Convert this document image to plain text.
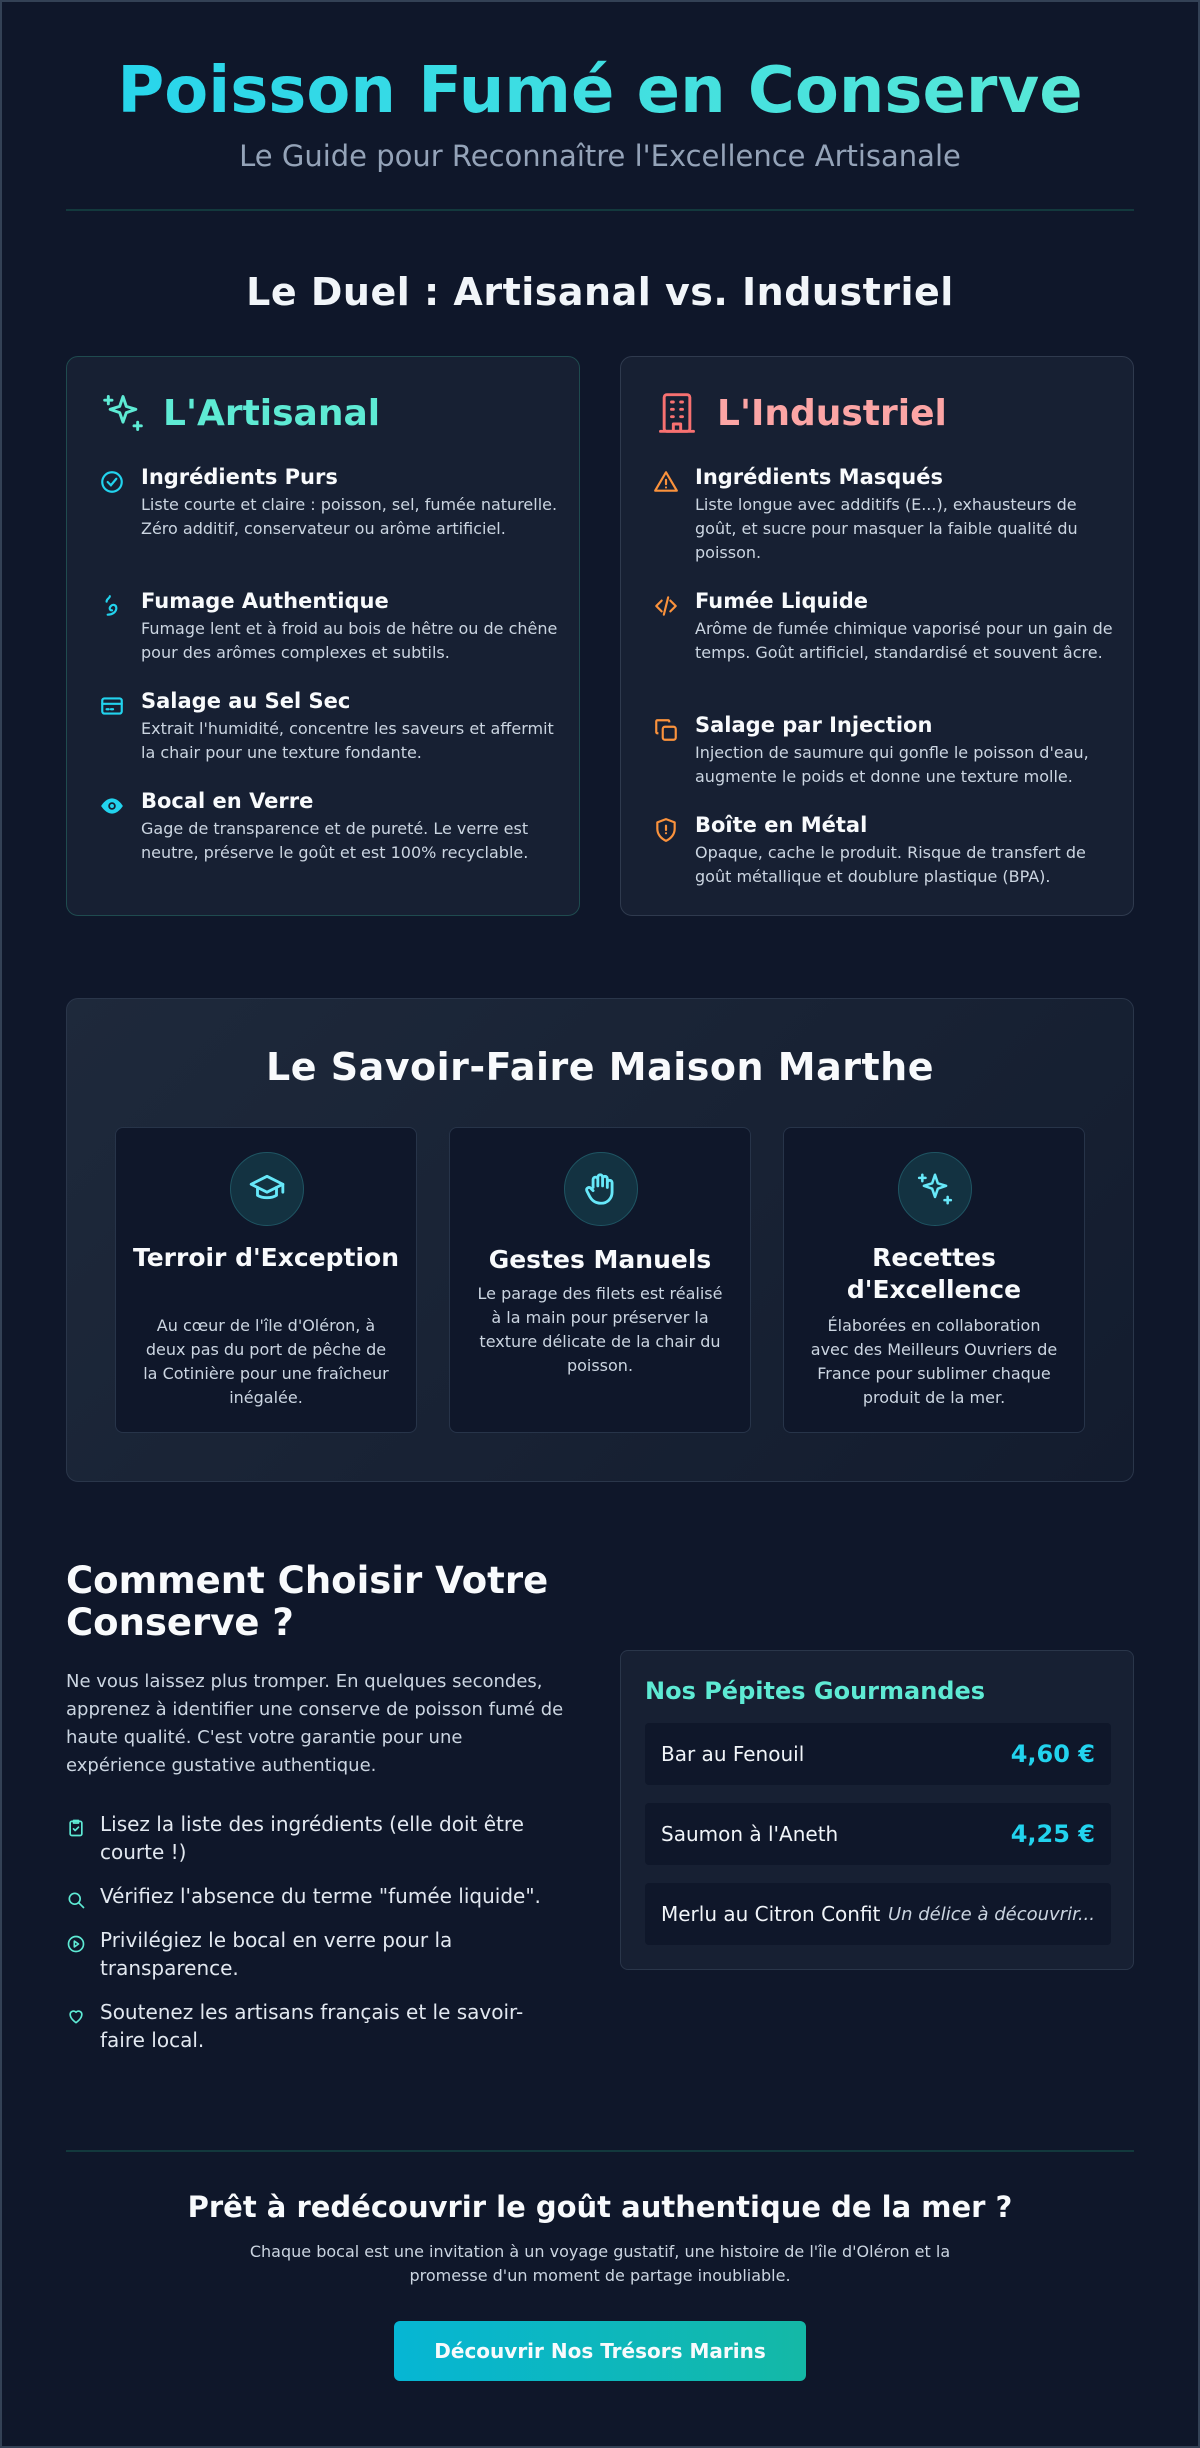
Poisson Fumé en Conserve
Le Guide pour Reconnaître l'Excellence Artisanale
Le Duel : Artisanal vs. Industriel
L'Artisanal
Ingrédients Purs

Liste courte et claire : poisson, sel, fumée naturelle. Zéro additif, conservateur ou arôme artificiel.

Fumage Authentique

Fumage lent et à froid au bois de hêtre ou de chêne pour des arômes complexes et subtils.

Salage au Sel Sec

Extrait l'humidité, concentre les saveurs et affermit la chair pour une texture fondante.

Bocal en Verre

Gage de transparence et de pureté. Le verre est neutre, préserve le goût et est 100% recyclable.

L'Industriel
Ingrédients Masqués

Liste longue avec additifs (E...), exhausteurs de goût, et sucre pour masquer la faible qualité du poisson.

Fumée Liquide

Arôme de fumée chimique vaporisé pour un gain de temps. Goût artificiel, standardisé et souvent âcre.

Salage par Injection

Injection de saumure qui gonfle le poisson d'eau, augmente le poids et donne une texture molle.

Boîte en Métal

Opaque, cache le produit. Risque de transfert de goût métallique et doublure plastique (BPA).

Le Savoir-Faire Maison Marthe
Terroir d'Exception

Au cœur de l'île d'Oléron, à deux pas du port de pêche de la Cotinière pour une fraîcheur inégalée.

Gestes Manuels

Le parage des filets est réalisé à la main pour préserver la texture délicate de la chair du poisson.

Recettes d'Excellence

Élaborées en collaboration avec des Meilleurs Ouvriers de France pour sublimer chaque produit de la mer.

Comment Choisir Votre Conserve ?
Ne vous laissez plus tromper. En quelques secondes, apprenez à identifier une conserve de poisson fumé de haute qualité. C'est votre garantie pour une expérience gustative authentique.
Lisez la liste des ingrédients (elle doit être courte !)
Vérifiez l'absence du terme "fumée liquide".
Privilégiez le bocal en verre pour la transparence.
Soutenez les artisans français et le savoir-faire local.
Nos Pépites Gourmandes
Bar au Fenouil	4,60 €
Saumon à l'Aneth	4,25 €
Merlu au Citron Confit Un délice à découvrir...
Prêt à redécouvrir le goût authentique de la mer ?
Chaque bocal est une invitation à un voyage gustatif, une histoire de l'île d'Oléron et la promesse d'un moment de partage inoubliable.
Découvrir Nos Trésors Marins
